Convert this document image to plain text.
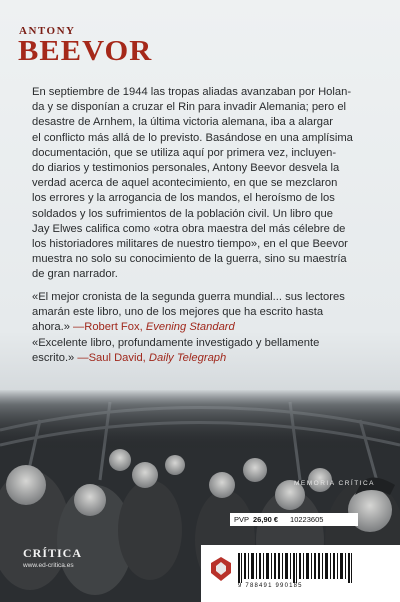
ANTONY
BEEVOR

En septiembre de 1944 las tropas aliadas avanzaban por Holan-

da y se disponían a cruzar el Rin para invadir Alemania; pero el

desastre de Arnhem, la última victoria alemana, iba a alargar

el conflicto más allá de lo previsto. Basándose en una amplísima

documentación, que se utiliza aquí por primera vez, incluyen-

do diarios y testimonios personales, Antony Beevor desvela la

verdad acerca de aquel acontecimiento, en que se mezclaron

los errores y la arrogancia de los mandos, el heroísmo de los

soldados y los sufrimientos de la población civil. Un libro que

Jay Elwes califica como «otra obra maestra del más célebre de

los historiadores militares de nuestro tiempo», en el que Beevor

muestra no solo su conocimiento de la guerra, sino su maestría

de gran narrador.

«El mejor cronista de la segunda guerra mundial... sus lectores
amarán este libro, uno de los mejores que ha escrito hasta
ahora.» —Robert Fox, Evening Standard
«Excelente libro, profundamente investigado y bellamente
escrito.» —Saul David, Daily Telegraph
MEMORIA CRÍTICA
CRÍTICA
www.ed-critica.es
PVP 26,90 € 10223605
9 788491 990185
